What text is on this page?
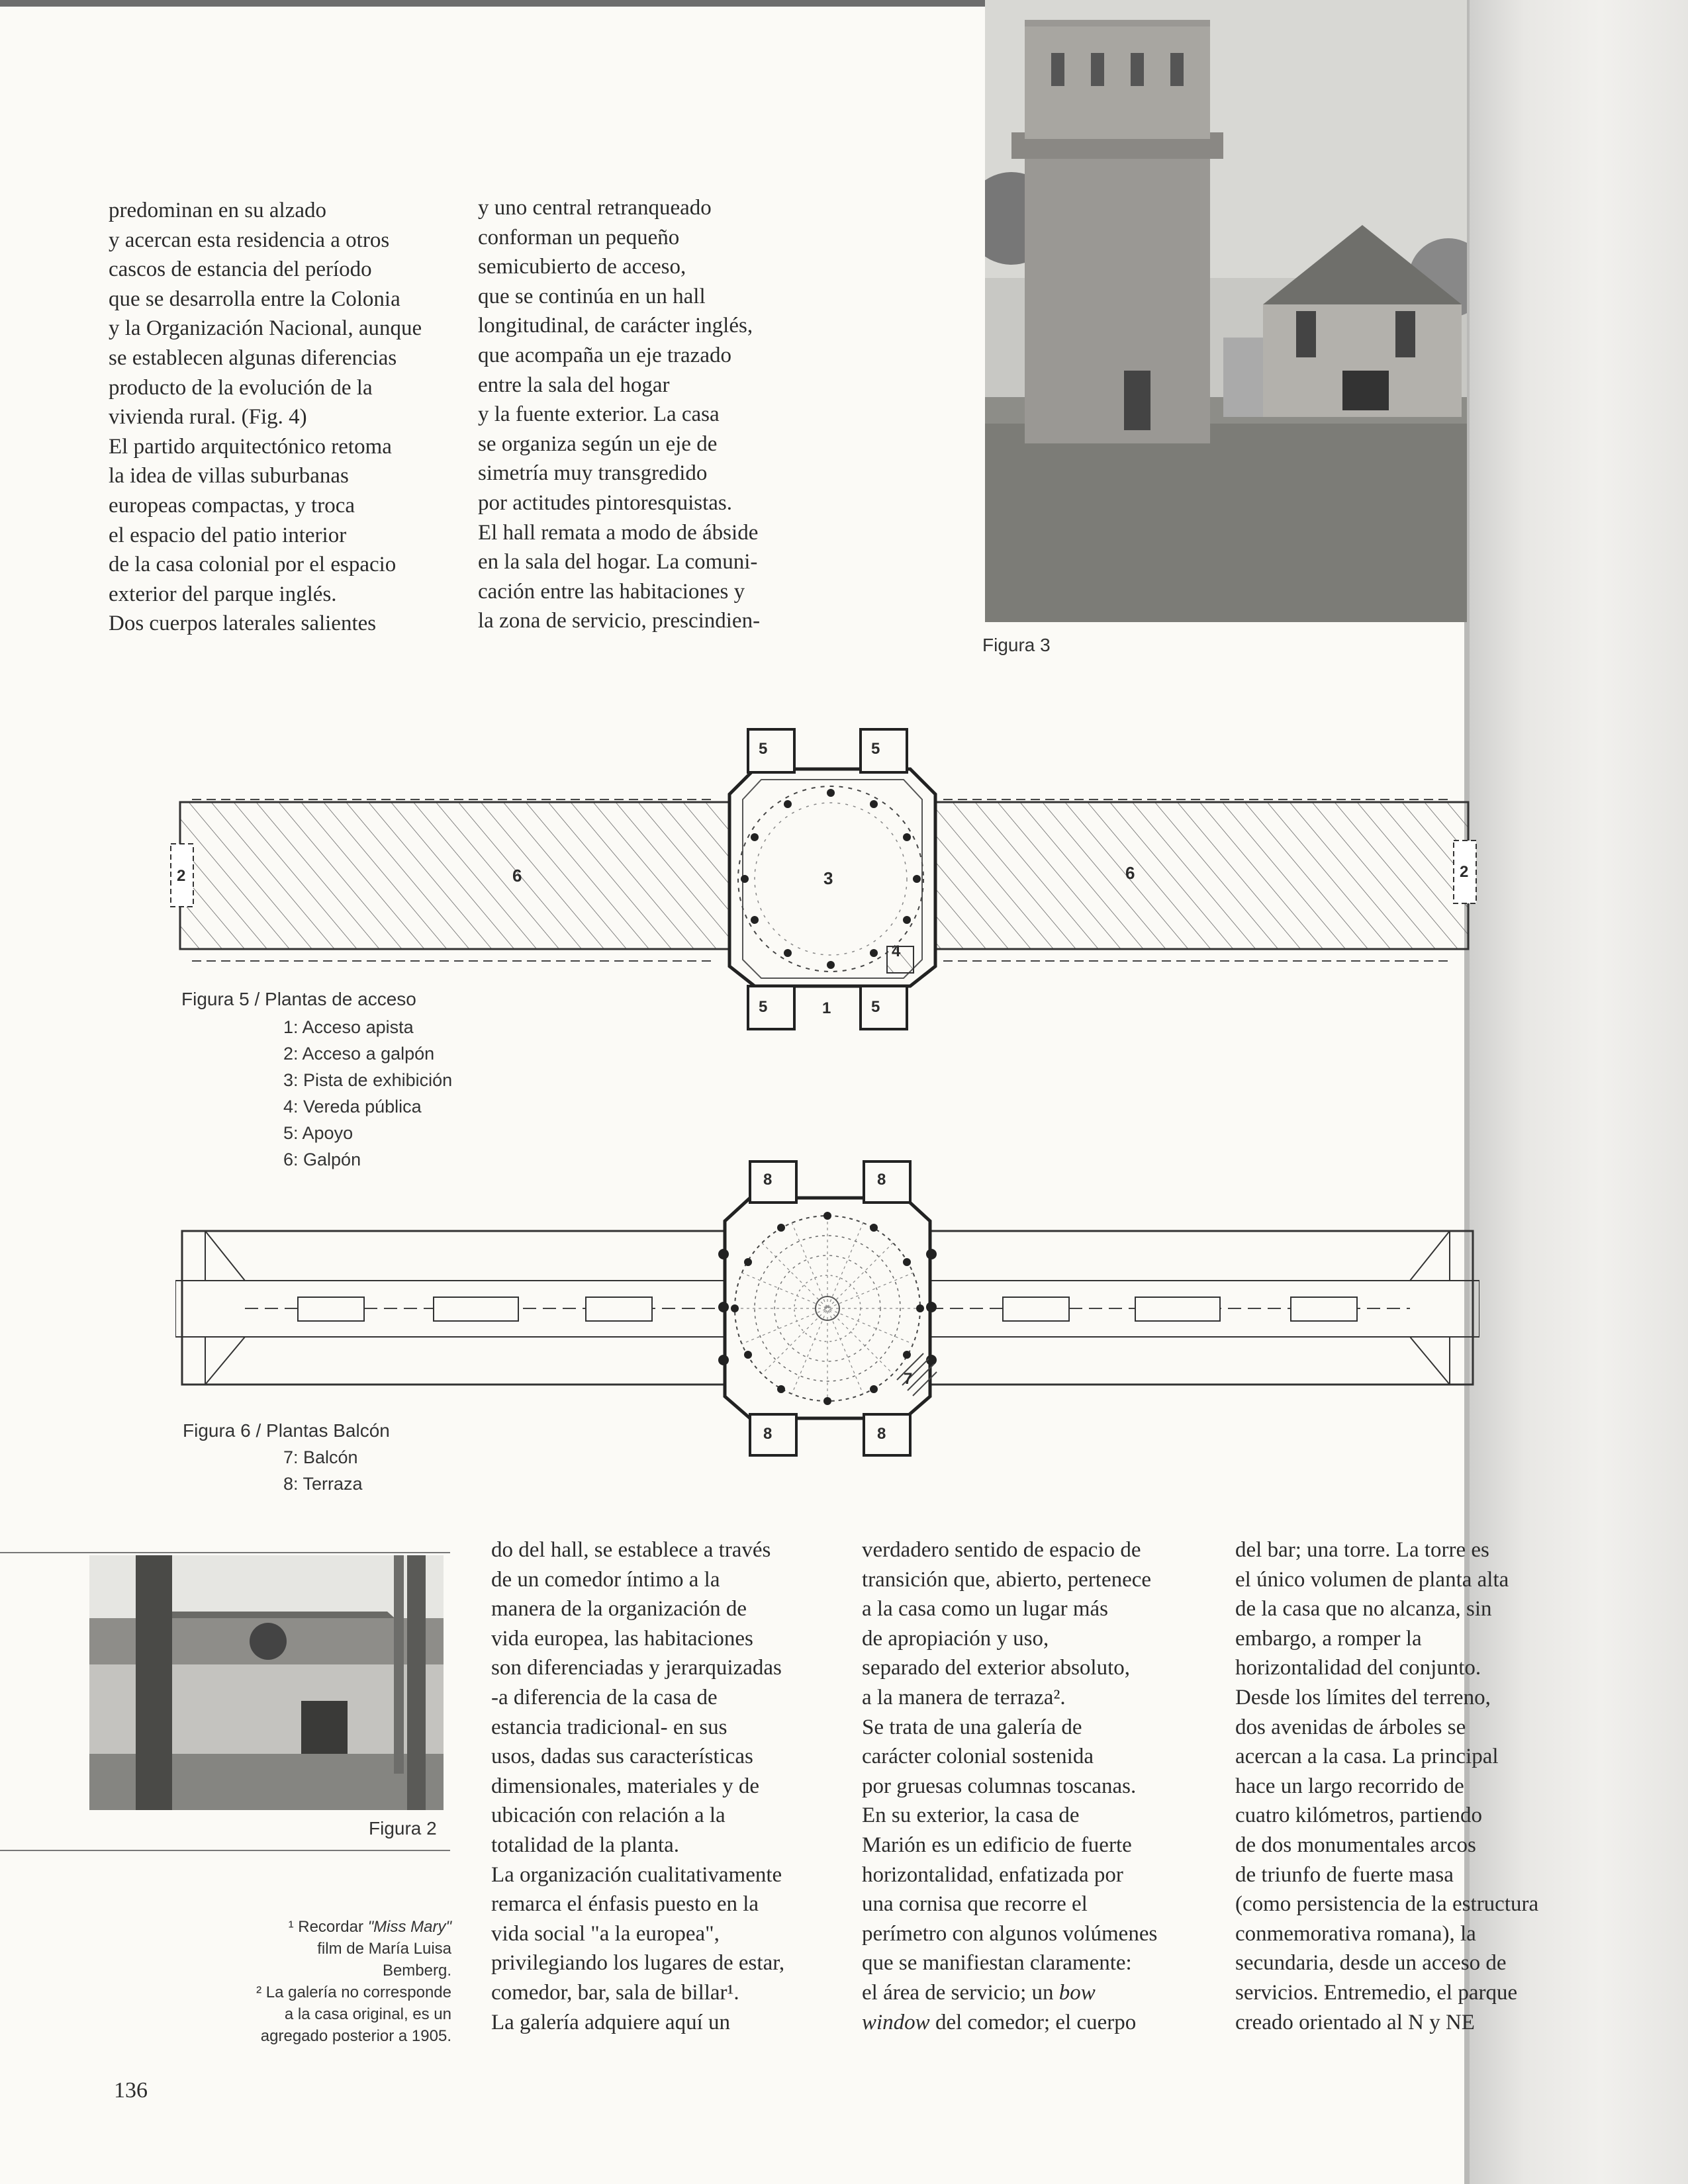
predominan en su alzado

y acercan esta residencia a otros

cascos de estancia del período

que se desarrolla entre la Colonia

y la Organización Nacional, aunque

se establecen algunas diferencias

producto de la evolución de la

vivienda rural. (Fig. 4)

El partido arquitectónico retoma

la idea de villas suburbanas

europeas compactas, y troca

el espacio del patio interior

de la casa colonial por el espacio

exterior del parque inglés.

Dos cuerpos laterales salientes

y uno central retranqueado

conforman un pequeño

semicubierto de acceso,

que se continúa en un hall

longitudinal, de carácter inglés,

que acompaña un eje trazado

entre la sala del hogar

y la fuente exterior. La casa

se organiza según un eje de

simetría muy transgredido

por actitudes pintoresquistas.

El hall remata a modo de ábside

en la sala del hogar. La comuni-

cación entre las habitaciones y

la zona de servicio, prescindien-

Figura 3
5	5
5	5
3
1
4
6	6
2	2
Figura 5 / Plantas de acceso
1: Acceso apista
2: Acceso a galpón
3: Pista de exhibición
4: Vereda pública
5: Apoyo
6: Galpón
8	8
8	8
7
Figura 6 / Plantas Balcón
7: Balcón
8: Terraza
Figura 2

¹ Recordar "Miss Mary"

film de María Luisa

Bemberg.

² La galería no corresponde

a la casa original, es un

agregado posterior a 1905.

do del hall, se establece a través

de un comedor íntimo a la

manera de la organización de

vida europea, las habitaciones

son diferenciadas y jerarquizadas

-a diferencia de la casa de

estancia tradicional- en sus

usos, dadas sus características

dimensionales, materiales y de

ubicación con relación a la

totalidad de la planta.

La organización cualitativamente

remarca el énfasis puesto en la

vida social "a la europea",

privilegiando los lugares de estar,

comedor, bar, sala de billar¹.

La galería adquiere aquí un

verdadero sentido de espacio de

transición que, abierto, pertenece

a la casa como un lugar más

de apropiación y uso,

separado del exterior absoluto,

a la manera de terraza².

Se trata de una galería de

carácter colonial sostenida

por gruesas columnas toscanas.

En su exterior, la casa de

Marión es un edificio de fuerte

horizontalidad, enfatizada por

una cornisa que recorre el

perímetro con algunos volúmenes

que se manifiestan claramente:

el área de servicio; un bow

window del comedor; el cuerpo

del bar; una torre. La torre es

el único volumen de planta alta

de la casa que no alcanza, sin

embargo, a romper la

horizontalidad del conjunto.

Desde los límites del terreno,

dos avenidas de árboles se

acercan a la casa. La principal

hace un largo recorrido de

cuatro kilómetros, partiendo

de dos monumentales arcos

de triunfo de fuerte masa

(como persistencia de la estructura

conmemorativa romana), la

secundaria, desde un acceso de

servicios. Entremedio, el parque

creado orientado al N y NE

136
